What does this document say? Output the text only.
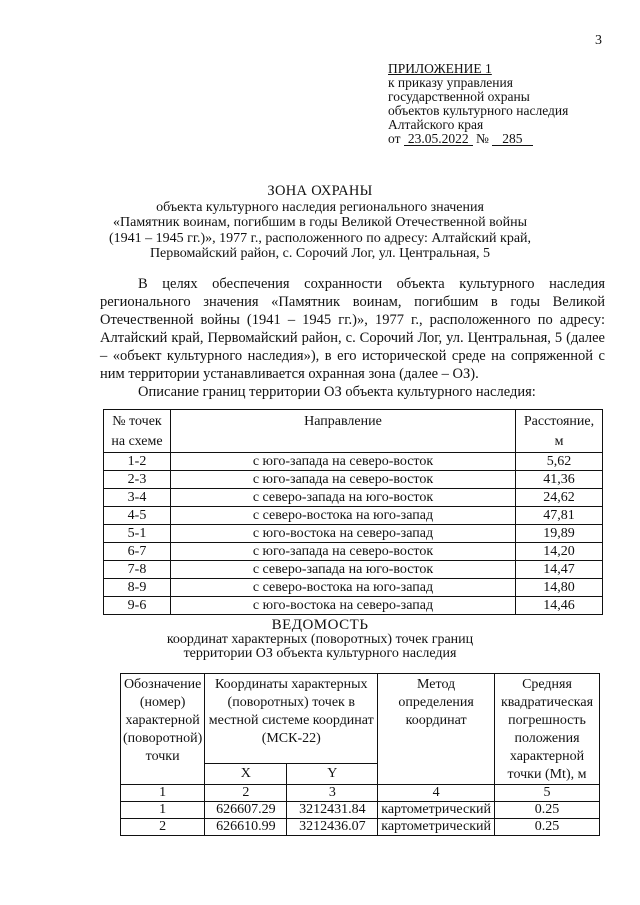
3
ПРИЛОЖЕНИЕ 1
к приказу управления
государственной охраны
объектов культурного наследия
Алтайского края
от 23.05.2022 № 285
ЗОНА ОХРАНЫ
объекта культурного наследия регионального значения
«Памятник воинам, погибшим в годы Великой Отечественной войны
(1941 – 1945 гг.)», 1977 г., расположенного по адресу: Алтайский край,
Первомайский район, с. Сорочий Лог, ул. Центральная, 5

В целях обеспечения сохранности объекта культурного наследия регионального значения «Памятник воинам, погибшим в годы Великой Отечественной войны (1941 – 1945 гг.)», 1977 г., расположенного по адресу: Алтайский край, Первомайский район, с. Сорочий Лог, ул. Центральная, 5 (далее – «объект культурного наследия»), в его исторической среде на сопряженной с ним территории устанавливается охранная зона (далее – ОЗ).

Описание границ территории ОЗ объекта культурного наследия:

№ точек на схеме	Направление	Расстояние, м
1-2	с юго-запада на северо-восток	5,62
2-3	с юго-запада на северо-восток	41,36
3-4	с северо-запада на юго-восток	24,62
4-5	с северо-востока на юго-запад	47,81
5-1	с юго-востока на северо-запад	19,89
6-7	с юго-запада на северо-восток	14,20
7-8	с северо-запада на юго-восток	14,47
8-9	с северо-востока на юго-запад	14,80
9-6	с юго-востока на северо-запад	14,46
ВЕДОМОСТЬ
координат характерных (поворотных) точек границ
территории ОЗ объекта культурного наследия
Обозначение (номер) характерной (поворотной) точки	Координаты характерных (поворотных) точек в местной системе координат (МСК-22)		Метод определения координат	Средняя квадратическая погрешность положения характерной точки (Mt), м
	X	Y		
1	2	3	4	5
1	626607.29	3212431.84	картометрический	0.25
2	626610.99	3212436.07	картометрический	0.25
